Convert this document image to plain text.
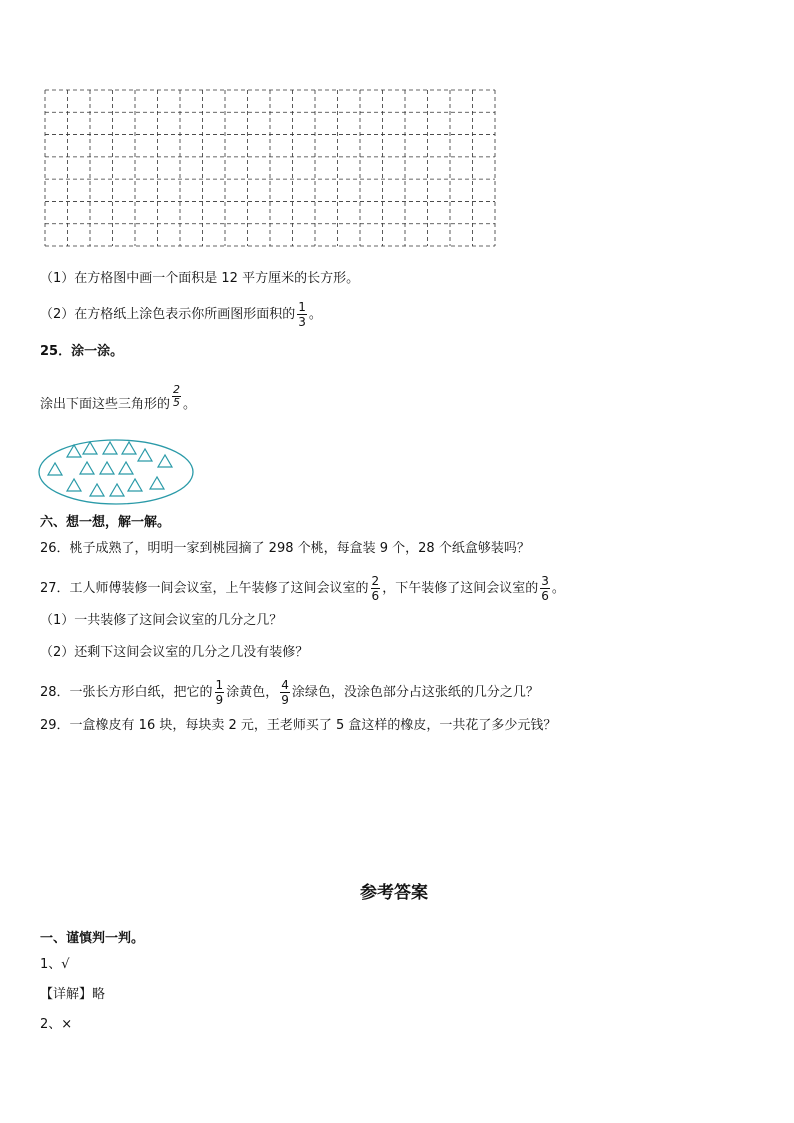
（1）在方格图中画一个面积是 12 平方厘米的长方形。
（2）在方格纸上涂色表示你所画图形面积的 $\frac{1}{3}$ 。
25．涂一涂。
涂出下面这些三角形的 $\frac{2}{5}$ 。
六、想一想，解一解。
26．桃子成熟了，明明一家到桃园摘了 298 个桃，每盒装 9 个，28 个纸盒够装吗？
27．工人师傅装修一间会议室，上午装修了这间会议室的 $\frac{2}{6}$ ，下午装修了这间会议室的 $\frac{3}{6}$ 。
（1）一共装修了这间会议室的几分之几？
（2）还剩下这间会议室的几分之几没有装修？
28．一张长方形白纸，把它的 $\frac{1}{9}$ 涂黄色， $\frac{4}{9}$ 涂绿色，没涂色部分占这张纸的几分之几？
29．一盒橡皮有 16 块，每块卖 2 元，王老师买了 5 盒这样的橡皮，一共花了多少元钱？
参考答案
一、谨慎判一判。
1、√
【详解】略
2、×
